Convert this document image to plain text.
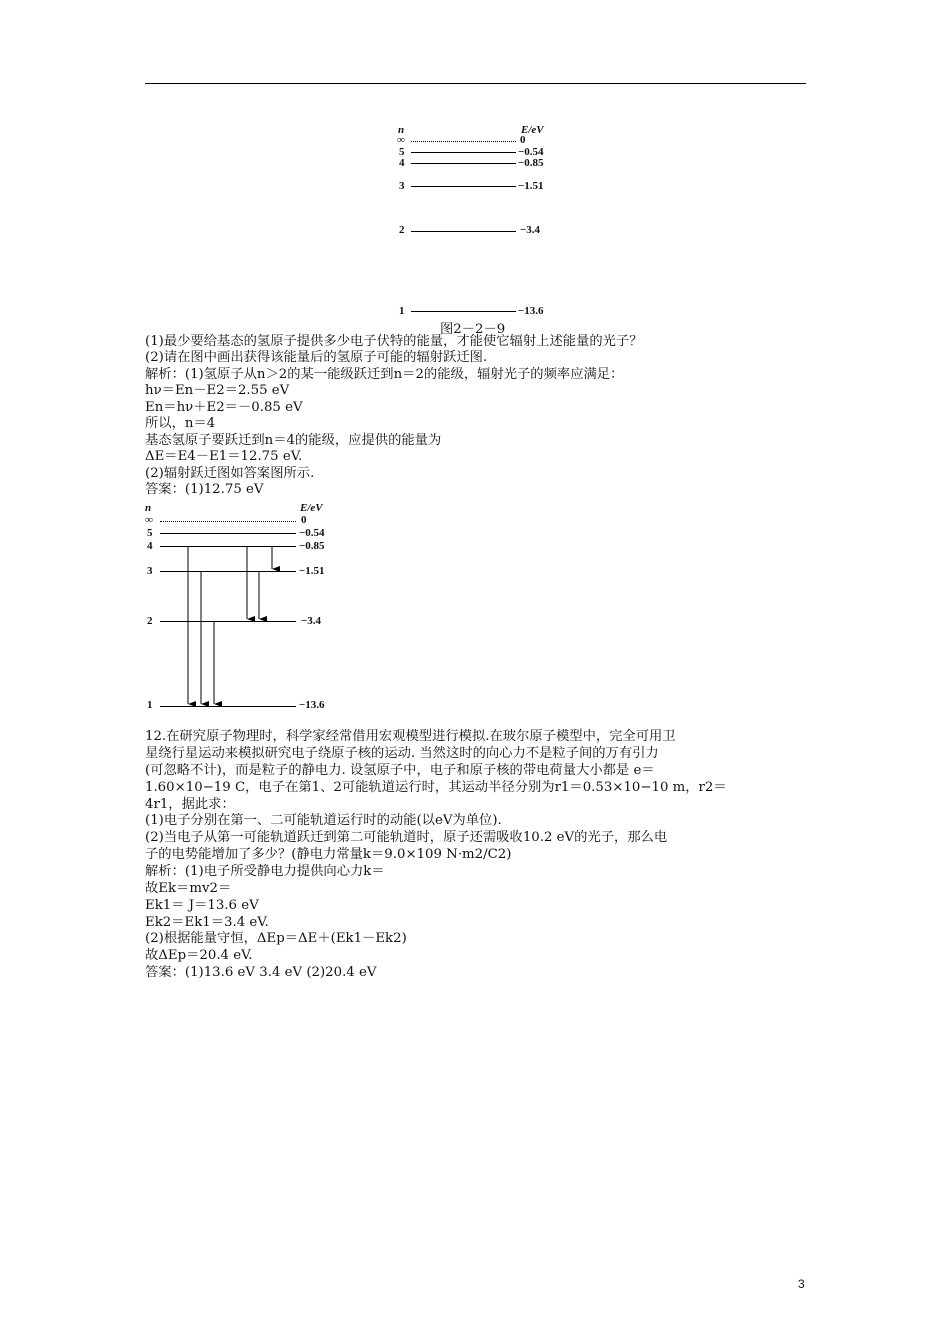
n	E/eV
∞	0
5	−0.54
4	−0.85
3	−1.51
2	−3.4
1	−13.6
图2－2－9
(1)最少要给基态的氢原子提供多少电子伏特的能量，才能使它辐射上述能量的光子？
(2)请在图中画出获得该能量后的氢原子可能的辐射跃迁图.
解析：(1)氢原子从n＞2的某一能级跃迁到n＝2的能级，辐射光子的频率应满足：
hν＝En－E2＝2.55 eV
En＝hν＋E2＝－0.85 eV
所以，n＝4
基态氢原子要跃迁到n＝4的能级，应提供的能量为
ΔE＝E4－E1＝12.75 eV.
(2)辐射跃迁图如答案图所示.
答案：(1)12.75 eV
n	E/eV
∞	0
5	−0.54
4	−0.85
3	−1.51
2	−3.4
1	−13.6
12.在研究原子物理时，科学家经常借用宏观模型进行模拟.在玻尔原子模型中，完全可用卫
星绕行星运动来模拟研究电子绕原子核的运动. 当然这时的向心力不是粒子间的万有引力
(可忽略不计)，而是粒子的静电力. 设氢原子中，电子和原子核的带电荷量大小都是 e＝
1.60×10−19 C，电子在第1、2可能轨道运行时，其运动半径分别为r1＝0.53×10−10 m，r2＝
4r1，据此求：
(1)电子分别在第一、二可能轨道运行时的动能(以eV为单位).
(2)当电子从第一可能轨道跃迁到第二可能轨道时，原子还需吸收10.2 eV的光子，那么电
子的电势能增加了多少？(静电力常量k＝9.0×109 N·m2/C2)
解析：(1)电子所受静电力提供向心力k＝
故Ek＝mv2＝
Ek1＝ J＝13.6 eV
Ek2＝Ek1＝3.4 eV.
(2)根据能量守恒，ΔEp＝ΔE＋(Ek1－Ek2)
故ΔEp＝20.4 eV.
答案：(1)13.6 eV 3.4 eV (2)20.4 eV
3
